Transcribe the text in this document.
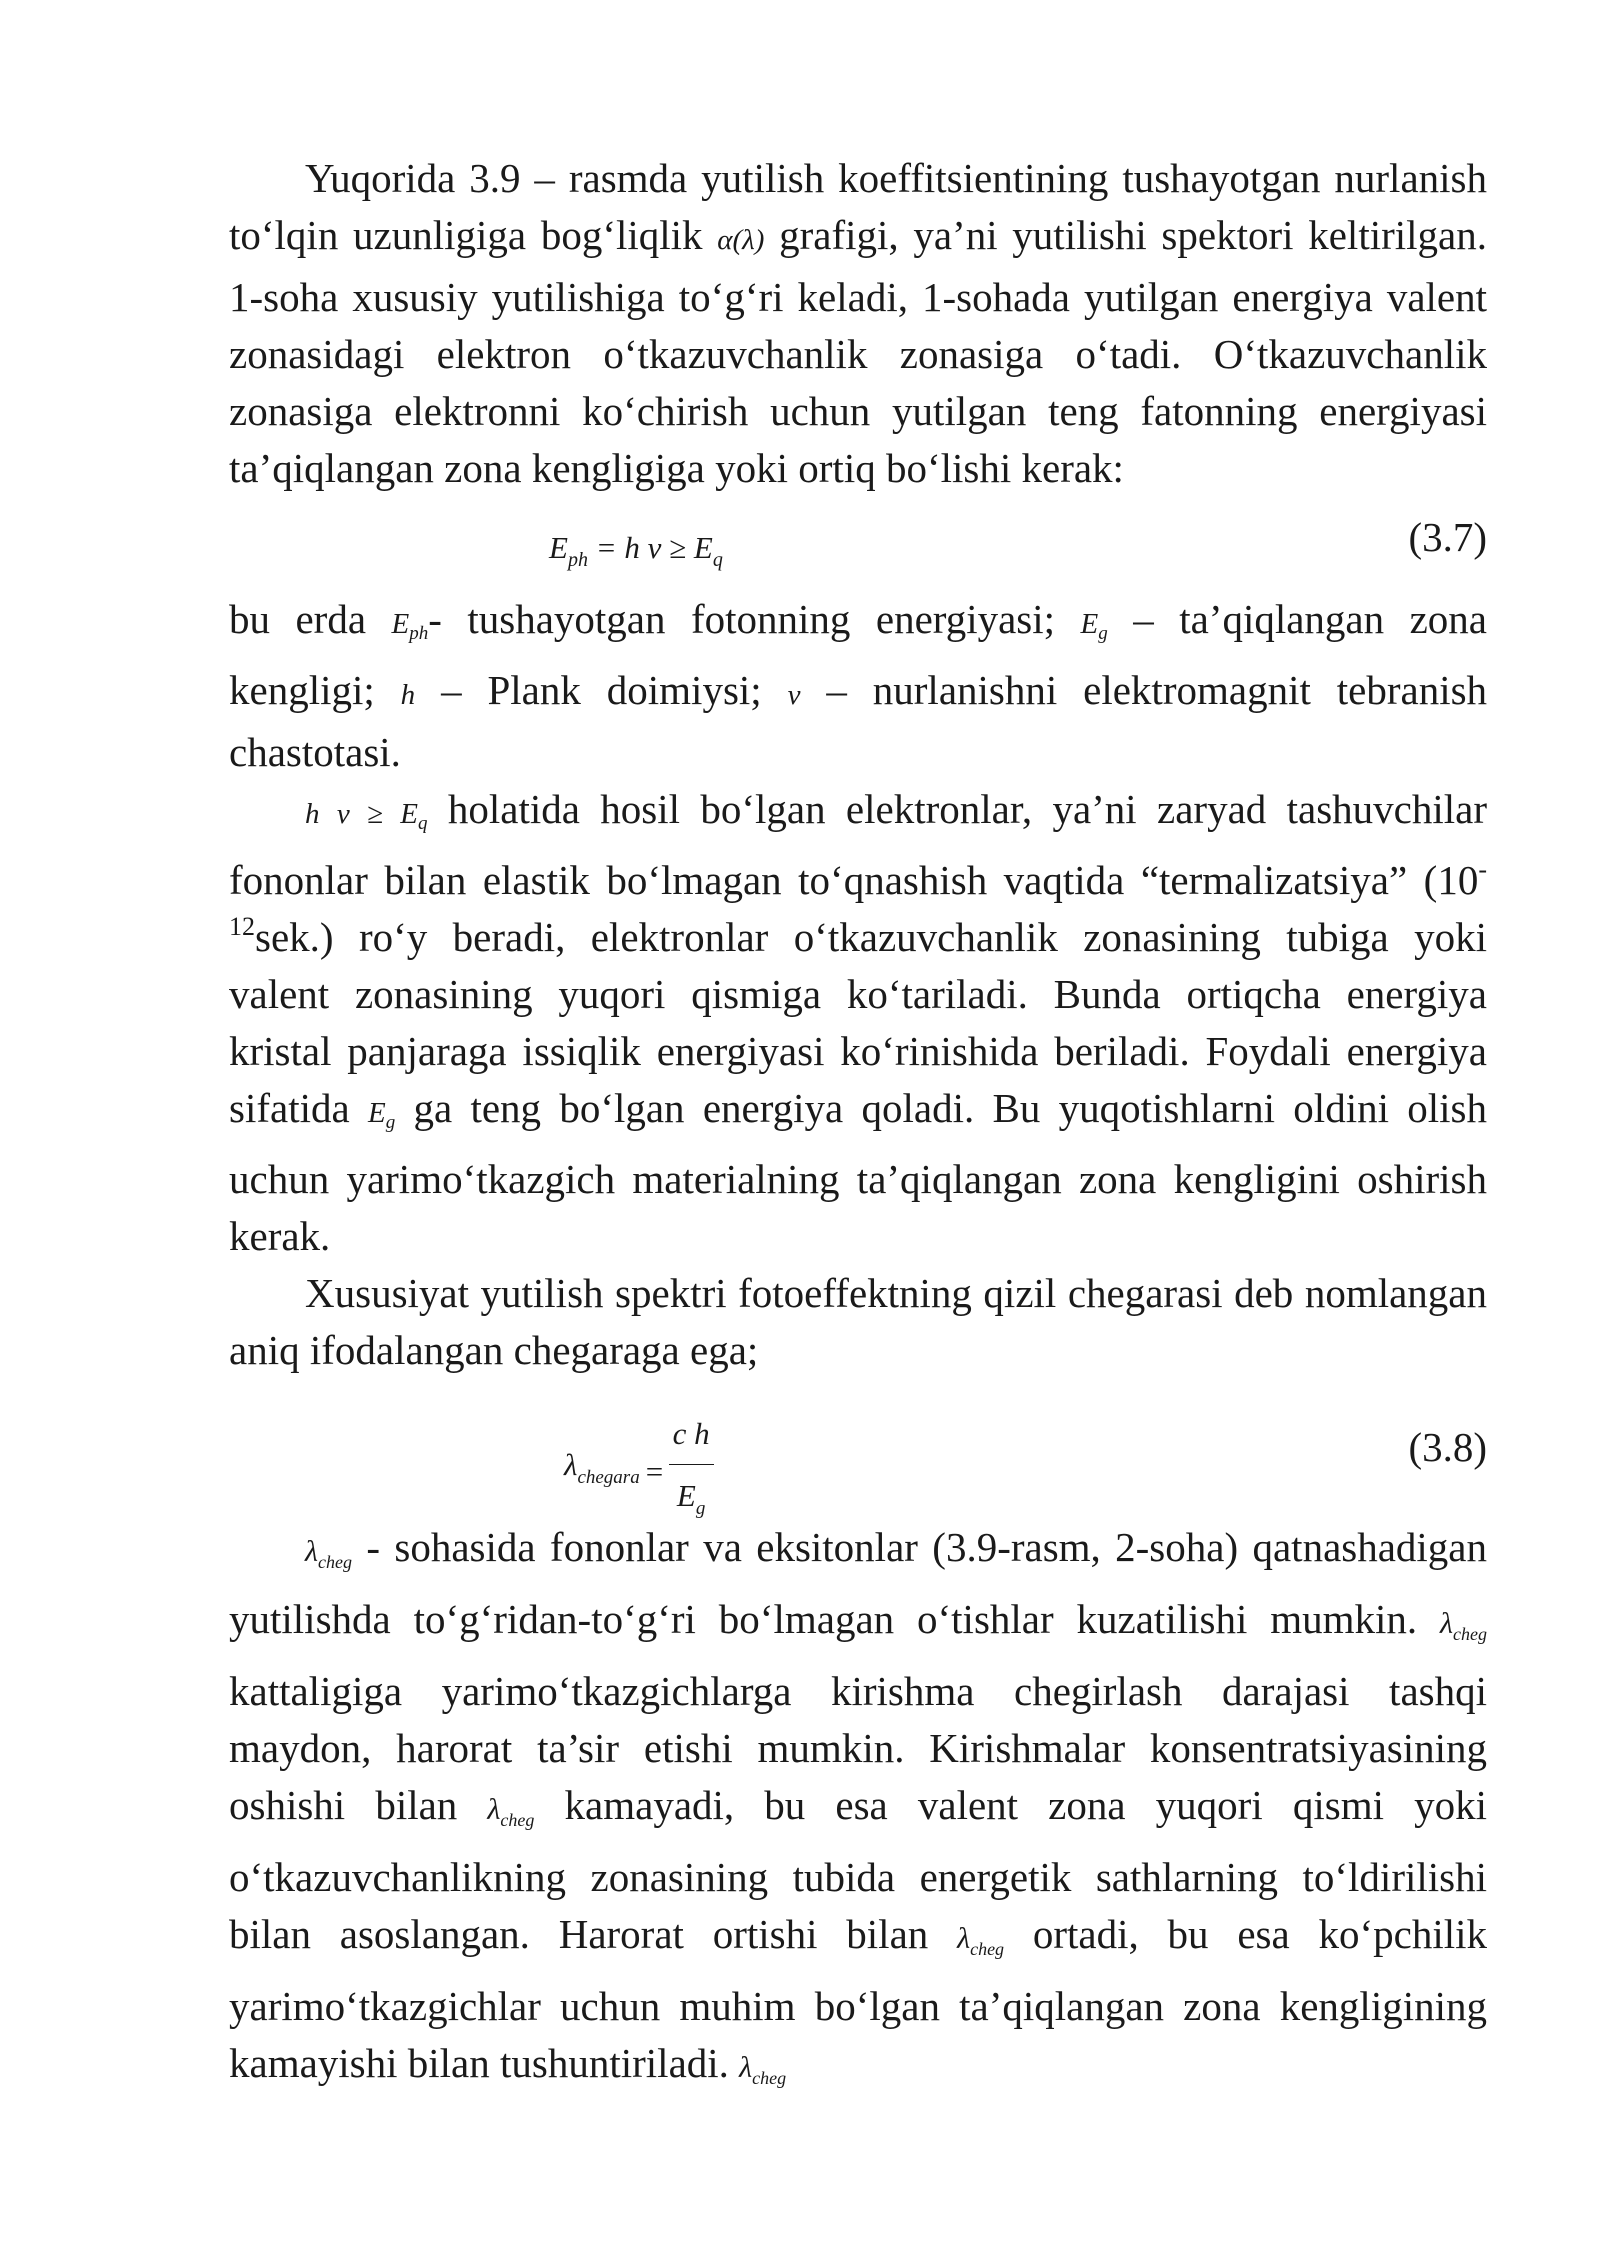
Yuqorida 3.9 – rasmda yutilish koeffitsientining tushayotgan nurlanish to‘lqin uzunligiga bog‘liqlik α(λ) grafigi, ya’ni yutilishi spektori keltirilgan. 1-soha xususiy yutilishiga to‘g‘ri keladi, 1-sohada yutilgan energiya valent zonasidagi elektron o‘tkazuvchanlik zonasiga o‘tadi. O‘tkazuvchanlik zonasiga elektronni ko‘chirish uchun yutilgan teng fatonning energiyasi ta’qiqlangan zona kengligiga yoki ortiq bo‘lishi kerak:

$E_{ph} = h$ $v \ge E_q$	(3.7)

bu erda $E_{ph}-$ tushayotgan fotonning energiyasi; $E_g$ – ta’qiqlangan zona kengligi; h – Plank doimiysi; v – nurlanishni elektromagnit tebranish chastotasi.

h $v \ge E_q$ holatida hosil bo‘lgan elektronlar, ya’ni zaryad tashuvchilar fononlar bilan elastik bo‘lmagan to‘qnashish vaqtida “termalizatsiya” $(10^{-12}sek.)$ ro‘y beradi, elektronlar o‘tkazuvchanlik zonasining tubiga yoki valent zonasining yuqori qismiga ko‘tariladi. Bunda ortiqcha energiya kristal panjaraga issiqlik energiyasi ko‘rinishida beriladi. Foydali energiya sifatida $E_g$ ga teng bo‘lgan energiya qoladi. Bu yuqotishlarni oldini olish uchun yarimo‘tkazgich materialning ta’qiqlangan zona kengligini oshirish kerak.

Xususiyat yutilish spektri fotoeffektning qizil chegarasi deb nomlangan aniq ifodalangan chegaraga ega;

$\lambda_{chegara} = \frac{\text{c h}}{E_g}$	(3.8)

$\lambda_{cheg}$ - sohasida fononlar va eksitonlar (3.9-rasm, 2-soha) qatnashadigan yutilishda to‘g‘ridan-to‘g‘ri bo‘lmagan o‘tishlar kuzatilishi mumkin. $\lambda_{cheg}$ kattaligiga yarimo‘tkazgichlarga kirishma chegirlash darajasi tashqi maydon, harorat ta’sir etishi mumkin. Kirishmalar konsentratsiyasining oshishi bilan $\lambda_{cheg}$ kamayadi, bu esa valent zona yuqori qismi yoki o‘tkazuvchanlikning zonasining tubida energetik sathlarning to‘ldirilishi bilan asoslangan. Harorat ortishi bilan $\lambda_{cheg}$ ortadi, bu esa ko‘pchilik yarimo‘tkazgichlar uchun muhim bo‘lgan ta’qiqlangan zona kengligining kamayishi bilan tushuntiriladi. $\lambda_{cheg}$
